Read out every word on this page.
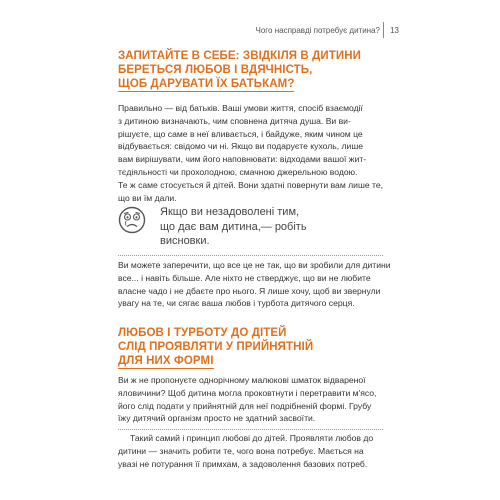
Чого насправді потребує дитина? 13
ЗАПИТАЙТЕ В СЕБЕ: ЗВІДКІЛЯ В ДИТИНИ
БЕРЕТЬСЯ ЛЮБОВ І ВДЯЧНІСТЬ,
ЩОБ ДАРУВАТИ ЇХ БАТЬКАМ?
Правильно — від батьків. Ваші умови життя, спосіб взаємодії
з дитиною визначають, чим сповнена дитяча душа. Ви ви-
рішуєте, що саме в неї вливається, і байдуже, яким чином це
відбувається: свідомо чи ні. Якщо ви подаруєте кухоль, лише
вам вирішувати, чим його наповнювати: відходами вашої жит-
тєдіяльності чи прохолодною, смачною джерельною водою.
Те ж саме стосується й дітей. Вони здатні повернути вам лише те,
що ви їм дали.
Якщо ви незадоволені тим,
що дає вам дитина,— робіть
висновки.
Ви можете заперечити, що все це не так, що ви зробили для дитини
все... і навіть більше. Але ніхто не стверджує, що ви не любите
власне чадо і не дбаєте про нього. Я лише хочу, щоб ви звернули
увагу на те, чи сягає ваша любов і турбота дитячого серця.
ЛЮБОВ І ТУРБОТУ ДО ДІТЕЙ
СЛІД ПРОЯВЛЯТИ У ПРИЙНЯТНІЙ
ДЛЯ НИХ ФОРМІ
Ви ж не пропонуєте однорічному малюкові шматок відвареної
яловичини? Щоб дитина могла проковтнути і перетравити м'ясо,
його слід подати у прийнятній для неї подрібненій формі. Грубу
їжу дитячий організм просто не здатний засвоїти.
Такий самий і принцип любові до дітей. Проявляти любов до
дитини — значить робити те, чого вона потребує. Мається на
увазі не потурання її примхам, а задоволення базових потреб.
